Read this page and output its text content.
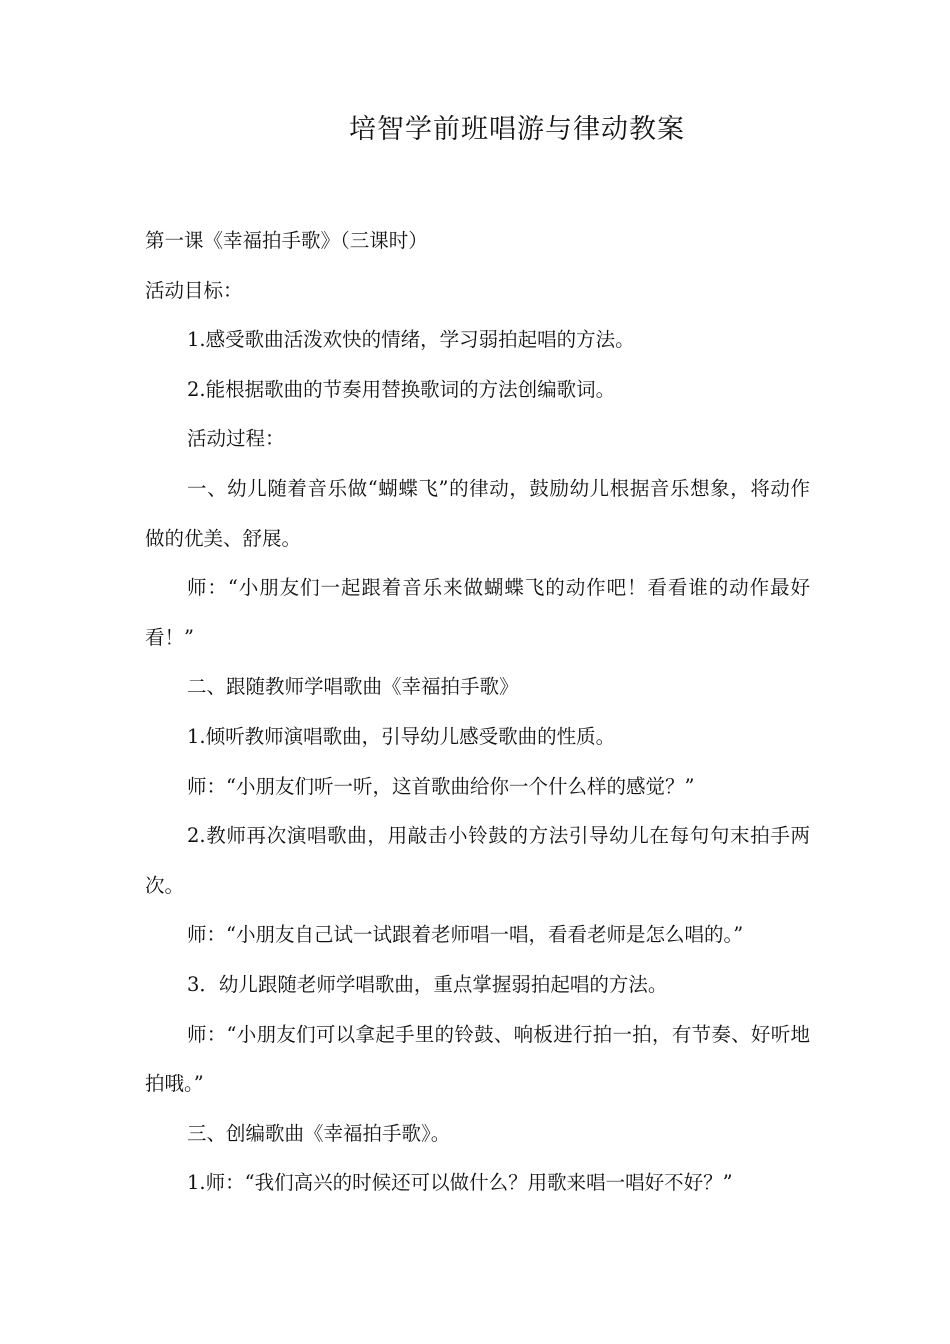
培智学前班唱游与律动教案

第一课《幸福拍手歌》（三课时）

活动目标：

1.感受歌曲活泼欢快的情绪，学习弱拍起唱的方法。

2.能根据歌曲的节奏用替换歌词的方法创编歌词。

活动过程：

一、幼儿随着音乐做“蝴蝶飞”的律动，鼓励幼儿根据音乐想象，将动作做的优美、舒展。

师：“小朋友们一起跟着音乐来做蝴蝶飞的动作吧！看看谁的动作最好看！”

二、跟随教师学唱歌曲《幸福拍手歌》

1.倾听教师演唱歌曲，引导幼儿感受歌曲的性质。

师：“小朋友们听一听，这首歌曲给你一个什么样的感觉？”

2.教师再次演唱歌曲，用敲击小铃鼓的方法引导幼儿在每句句末拍手两次。

师：“小朋友自己试一试跟着老师唱一唱，看看老师是怎么唱的。”

3．幼儿跟随老师学唱歌曲，重点掌握弱拍起唱的方法。

师：“小朋友们可以拿起手里的铃鼓、响板进行拍一拍，有节奏、好听地拍哦。”

三、创编歌曲《幸福拍手歌》。

1.师：“我们高兴的时候还可以做什么？用歌来唱一唱好不好？”
